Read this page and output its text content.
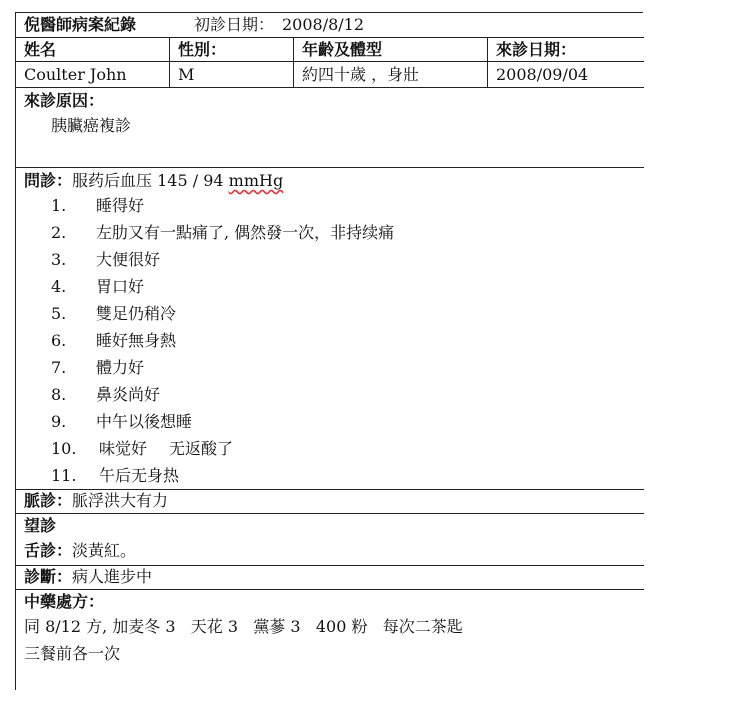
倪醫師病案紀錄	初診日期： 2008/8/12
姓名	性別：	年齡及體型	來診日期：
Coulter John	M	約四十歲 ，身壯	2008/09/04
來診原因：
胰臟癌複診
問診：服药后血压 145 / 94 mmHg
1.	睡得好
2.	左肋又有一點痛了, 偶然發一次，非持续痛
3.	大便很好
4.	胃口好
5.	雙足仍稍冷
6.	睡好無身熱
7.	體力好
8.	鼻炎尚好
9.	中午以後想睡
10.	味觉好 无返酸了
11.	午后无身热
脈診：脈浮洪大有力
望診
舌診：淡黃紅。
診斷：病人進步中
中藥處方：
同 8/12 方, 加麦冬 3   天花 3   黨蔘 3   400 粉   每次二茶匙
三餐前各一次
